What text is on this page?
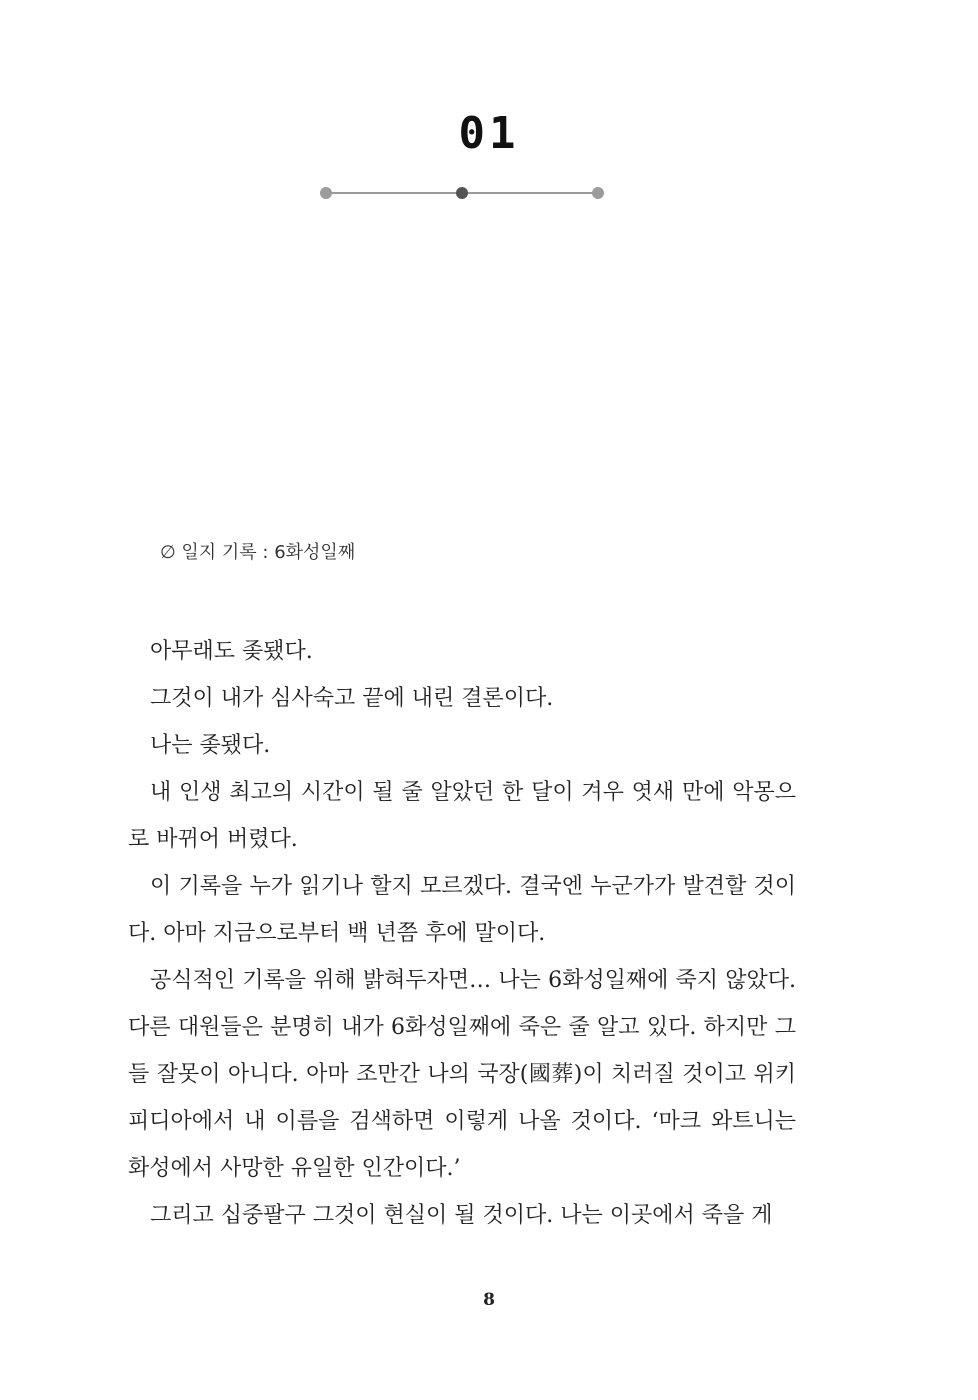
01
∅ 일지 기록 : 6화성일째

아무래도 좆됐다.

그것이 내가 심사숙고 끝에 내린 결론이다.

나는 좆됐다.

내 인생 최고의 시간이 될 줄 알았던 한 달이 겨우 엿새 만에 악몽으로 바뀌어 버렸다.

이 기록을 누가 읽기나 할지 모르겠다. 결국엔 누군가가 발견할 것이다. 아마 지금으로부터 백 년쯤 후에 말이다.

공식적인 기록을 위해 밝혀두자면… 나는 6화성일째에 죽지 않았다. 다른 대원들은 분명히 내가 6화성일째에 죽은 줄 알고 있다. 하지만 그들 잘못이 아니다. 아마 조만간 나의 국장(國葬)이 치러질 것이고 위키피디아에서 내 이름을 검색하면 이렇게 나올 것이다. ‘마크 와트니는 화성에서 사망한 유일한 인간이다.’

그리고 십중팔구 그것이 현실이 될 것이다. 나는 이곳에서 죽을 게

8
